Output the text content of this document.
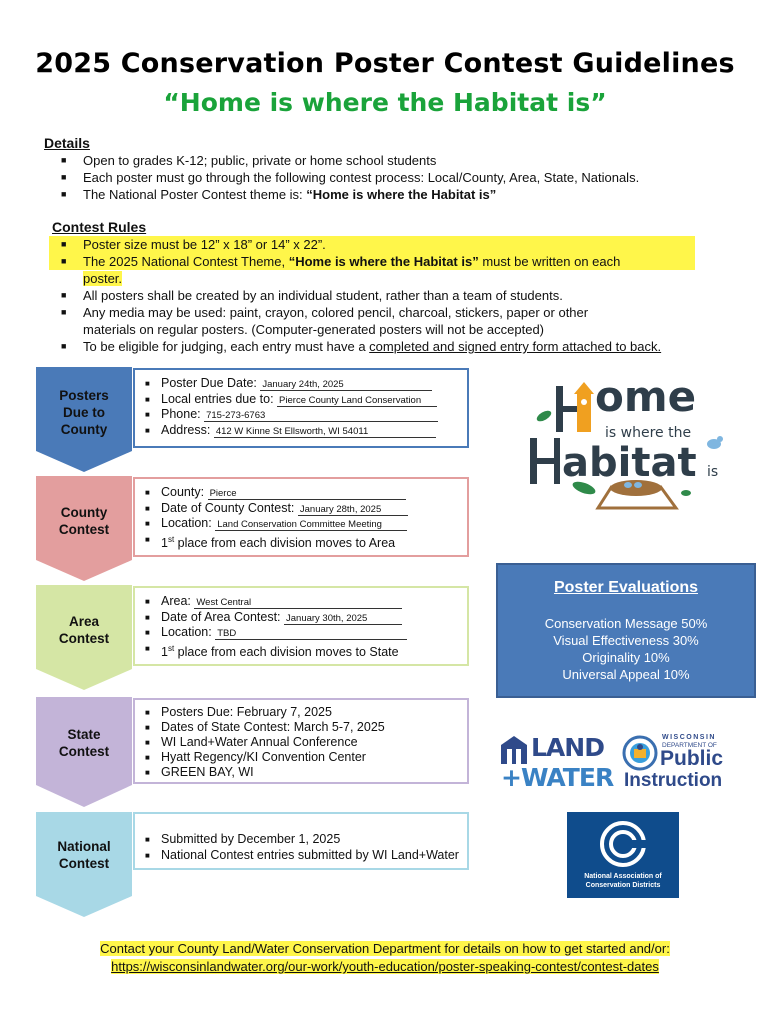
2025 Conservation Poster Contest Guidelines
“Home is where the Habitat is”
Details
■ Open to grades K-12; public, private or home school students
■ Each poster must go through the following contest process: Local/County, Area, State, Nationals.
■ The National Poster Contest theme is: “Home is where the Habitat is”
Contest Rules
■ Poster size must be 12” x 18” or 14” x 22”.
■ The 2025 National Contest Theme, “Home is where the Habitat is” must be written on each
poster.
■ All posters shall be created by an individual student, rather than a team of students.
■ Any media may be used: paint, crayon, colored pencil, charcoal, stickers, paper or other
materials on regular posters. (Computer-generated posters will not be accepted)
■ To be eligible for judging, each entry must have a completed and signed entry form attached to back.
Posters
Due to
County
■ Poster Due Date: January 24th, 2025
■ Local entries due to: Pierce County Land Conservation
■ Phone: 715-273-6763
■ Address: 412 W Kinne St Ellsworth, WI 54011
County
Contest
■ County: Pierce
■ Date of County Contest: January 28th, 2025
■ Location: Land Conservation Committee Meeting
■ 1st place from each division moves to Area
Area
Contest
■ Area: West Central
■ Date of Area Contest: January 30th, 2025
■ Location: TBD
■ 1st place from each division moves to State
State
Contest
■ Posters Due: February 7, 2025
■ Dates of State Contest: March 5-7, 2025
■ WI Land+Water Annual Conference
■ Hyatt Regency/KI Convention Center
■ GREEN BAY, WI
National
Contest
■ Submitted by December 1, 2025
■ National Contest entries submitted by WI Land+Water
ome
is where the
abitat is
Poster Evaluations
Conservation Message 50%
Visual Effectiveness 30%
Originality 10%
Universal Appeal 10%
LAND
+WATER
WISCONSIN
DEPARTMENT OF
Public
Instruction
National Association of
Conservation Districts
Contact your County Land/Water Conservation Department for details on how to get started and/or:
https://wisconsinlandwater.org/our-work/youth-education/poster-speaking-contest/contest-dates
